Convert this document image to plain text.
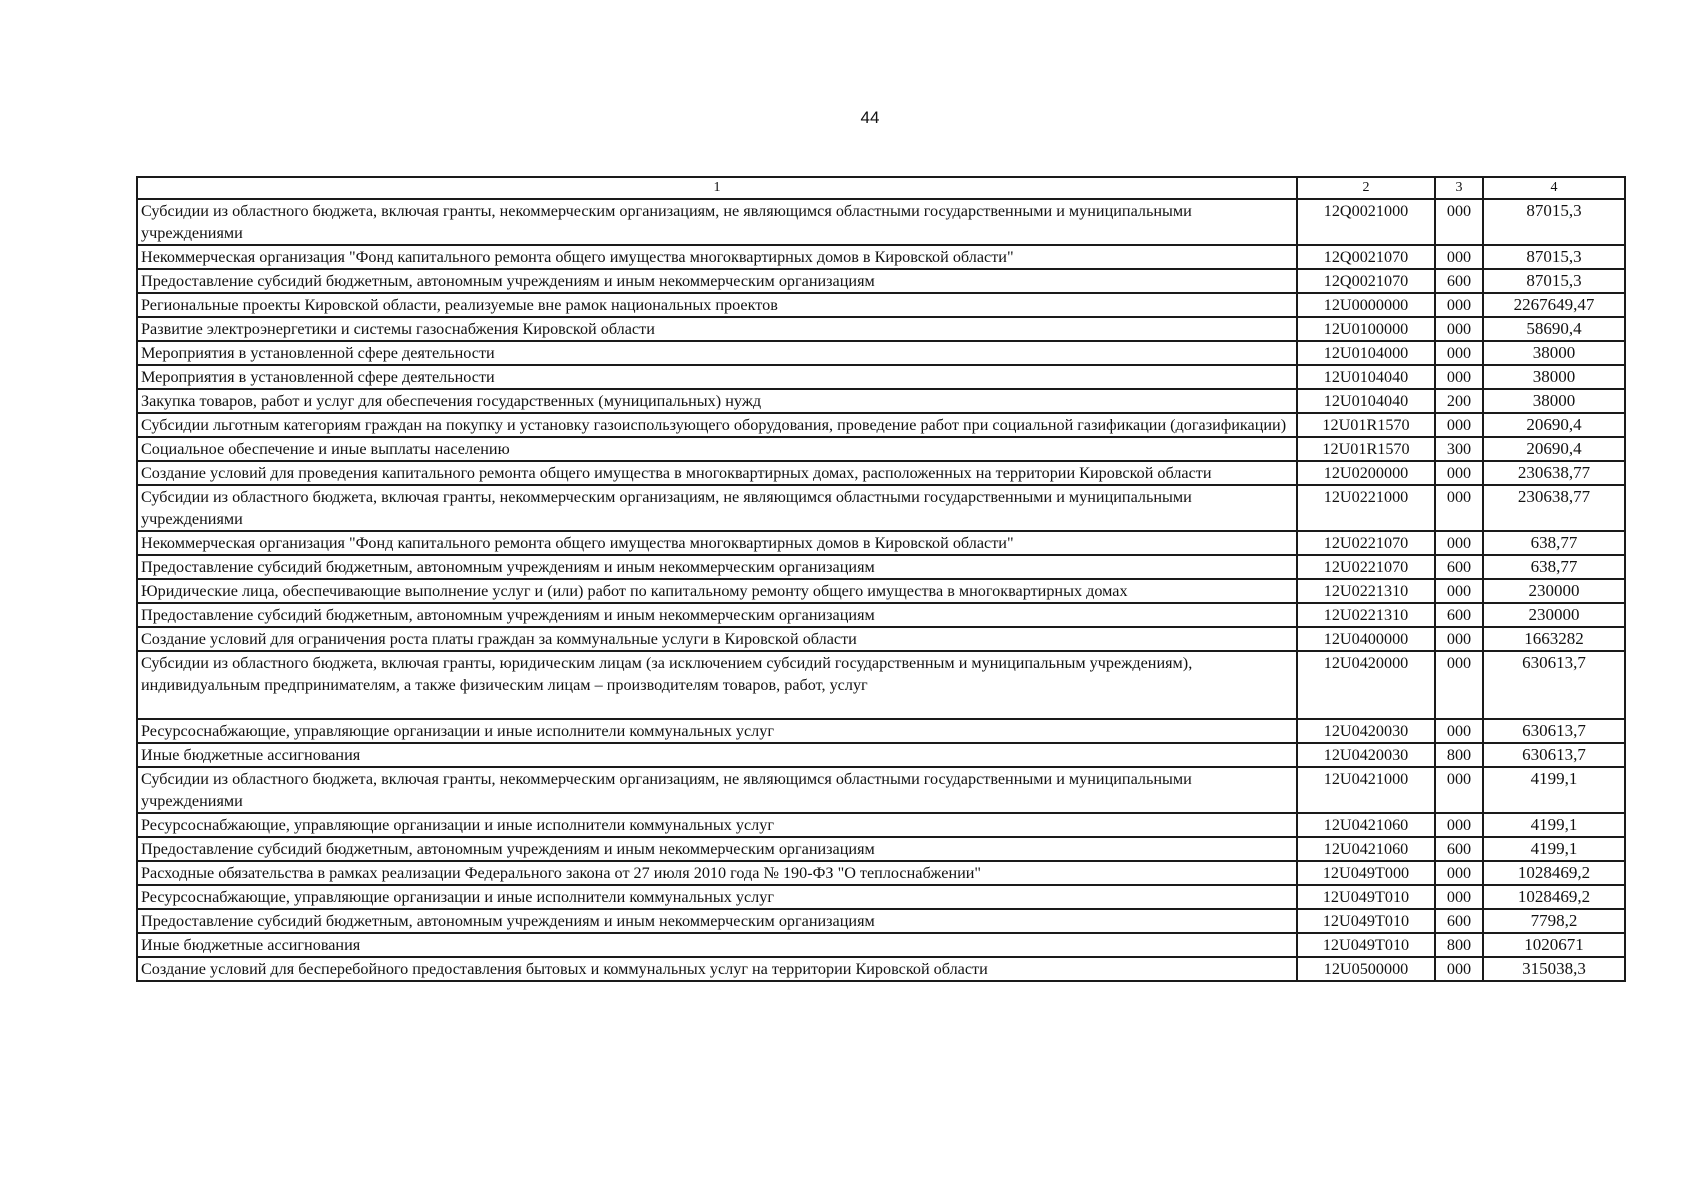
44
1	2	3	4
Субсидии из областного бюджета, включая гранты, некоммерческим организациям, не являющимся областными государственными и муниципальными учреждениями	12Q0021000	000	87015,3
Некоммерческая организация "Фонд капитального ремонта общего имущества многоквартирных домов в Кировской области"	12Q0021070	000	87015,3
Предоставление субсидий бюджетным, автономным учреждениям и иным некоммерческим организациям	12Q0021070	600	87015,3
Региональные проекты Кировской области, реализуемые вне рамок национальных проектов	12U0000000	000	2267649,47
Развитие электроэнергетики и системы газоснабжения Кировской области	12U0100000	000	58690,4
Мероприятия в установленной сфере деятельности	12U0104000	000	38000
Мероприятия в установленной сфере деятельности	12U0104040	000	38000
Закупка товаров, работ и услуг для обеспечения государственных (муниципальных) нужд	12U0104040	200	38000
Субсидии льготным категориям граждан на покупку и установку газоиспользующего оборудования, проведение работ при социальной газификации (догазификации)	12U01R1570	000	20690,4
Социальное обеспечение и иные выплаты населению	12U01R1570	300	20690,4
Создание условий для проведения капитального ремонта общего имущества в многоквартирных домах, расположенных на территории Кировской области	12U0200000	000	230638,77
Субсидии из областного бюджета, включая гранты, некоммерческим организациям, не являющимся областными государственными и муниципальными учреждениями	12U0221000	000	230638,77
Некоммерческая организация "Фонд капитального ремонта общего имущества многоквартирных домов в Кировской области"	12U0221070	000	638,77
Предоставление субсидий бюджетным, автономным учреждениям и иным некоммерческим организациям	12U0221070	600	638,77
Юридические лица, обеспечивающие выполнение услуг и (или) работ по капитальному ремонту общего имущества в многоквартирных домах	12U0221310	000	230000
Предоставление субсидий бюджетным, автономным учреждениям и иным некоммерческим организациям	12U0221310	600	230000
Создание условий для ограничения роста платы граждан за коммунальные услуги в Кировской области	12U0400000	000	1663282
Субсидии из областного бюджета, включая гранты, юридическим лицам (за исключением субсидий государственным и муниципальным учреждениям), индивидуальным предпринимателям, а также физическим лицам – производителям товаров, работ, услуг	12U0420000	000	630613,7
Ресурсоснабжающие, управляющие организации и иные исполнители коммунальных услуг	12U0420030	000	630613,7
Иные бюджетные ассигнования	12U0420030	800	630613,7
Субсидии из областного бюджета, включая гранты, некоммерческим организациям, не являющимся областными государственными и муниципальными учреждениями	12U0421000	000	4199,1
Ресурсоснабжающие, управляющие организации и иные исполнители коммунальных услуг	12U0421060	000	4199,1
Предоставление субсидий бюджетным, автономным учреждениям и иным некоммерческим организациям	12U0421060	600	4199,1
Расходные обязательства в рамках реализации Федерального закона от 27 июля 2010 года № 190-ФЗ "О теплоснабжении"	12U049T000	000	1028469,2
Ресурсоснабжающие, управляющие организации и иные исполнители коммунальных услуг	12U049T010	000	1028469,2
Предоставление субсидий бюджетным, автономным учреждениям и иным некоммерческим организациям	12U049T010	600	7798,2
Иные бюджетные ассигнования	12U049T010	800	1020671
Создание условий для бесперебойного предоставления бытовых и коммунальных услуг на территории Кировской области	12U0500000	000	315038,3
